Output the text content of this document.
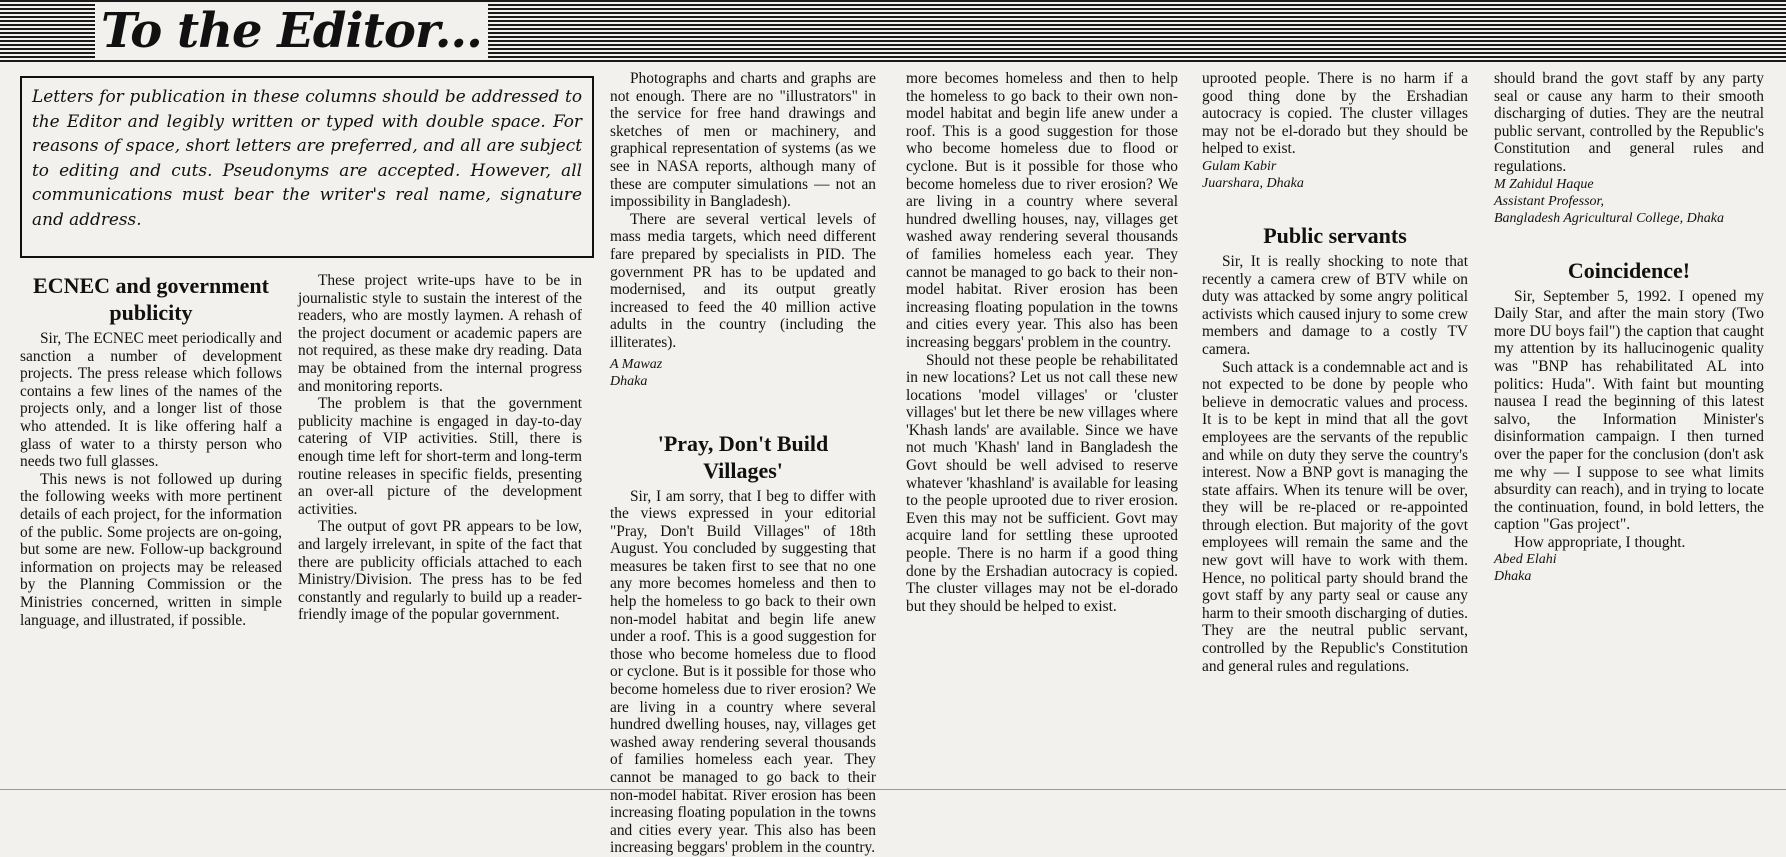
To the Editor...
Letters for publication in these columns should be addressed to the Editor and legibly written or typed with double space. For reasons of space, short letters are preferred, and all are subject to editing and cuts. Pseudonyms are accepted. However, all communications must bear the writer's real name, signature and address.
ECNEC and government publicity

Sir, The ECNEC meet periodically and sanction a number of development projects. The press release which follows contains a few lines of the names of the projects only, and a longer list of those who attended. It is like offering half a glass of water to a thirsty person who needs two full glasses.

This news is not followed up during the following weeks with more pertinent details of each project, for the information of the public. Some projects are on-going, but some are new. Follow-up background information on projects may be released by the Planning Commission or the Ministries concerned, written in simple language, and illustrated, if possible.

These project write-ups have to be in journalistic style to sustain the interest of the readers, who are mostly laymen. A rehash of the project document or academic papers are not required, as these make dry reading. Data may be obtained from the internal progress and monitoring reports.

The problem is that the government publicity machine is engaged in day-to-day catering of VIP activities. Still, there is enough time left for short-term and long-term routine releases in specific fields, presenting an over-all picture of the development activities.

The output of govt PR appears to be low, and largely irrelevant, in spite of the fact that there are publicity officials attached to each Ministry/Division. The press has to be fed constantly and regularly to build up a reader-friendly image of the popular government.

Photographs and charts and graphs are not enough. There are no "illustrators" in the service for free hand drawings and sketches of men or machinery, and graphical representation of systems (as we see in NASA reports, although many of these are computer simulations — not an impossibility in Bangladesh).

There are several vertical levels of mass media targets, which need different fare prepared by specialists in PID. The government PR has to be updated and modernised, and its output greatly increased to feed the 40 million active adults in the country (including the illiterates).

A Mawaz
Dhaka
'Pray, Don't Build Villages'

Sir, I am sorry, that I beg to differ with the views expressed in your editorial "Pray, Don't Build Villages" of 18th August. You concluded by suggesting that measures be taken first to see that no one any more becomes homeless and then to help the homeless to go back to their own non-model habitat and begin life anew under a roof. This is a good suggestion for those who become homeless due to flood or cyclone. But is it possible for those who become homeless due to river erosion? We are living in a country where several hundred dwelling houses, nay, villages get washed away rendering several thousands of families homeless each year. They cannot be managed to go back to their non-model habitat. River erosion has been increasing floating population in the towns and cities every year. This also has been increasing beggars' problem in the country.

more becomes homeless and then to help the homeless to go back to their own non-model habitat and begin life anew under a roof. This is a good suggestion for those who become homeless due to flood or cyclone. But is it possible for those who become homeless due to river erosion? We are living in a country where several hundred dwelling houses, nay, villages get washed away rendering several thousands of families homeless each year. They cannot be managed to go back to their non-model habitat. River erosion has been increasing floating population in the towns and cities every year. This also has been increasing beggars' problem in the country.

Should not these people be rehabilitated in new locations? Let us not call these new locations 'model villages' or 'cluster villages' but let there be new villages where 'Khash lands' are available. Since we have not much 'Khash' land in Bangladesh the Govt should be well advised to reserve whatever 'khashland' is available for leasing to the people uprooted due to river erosion. Even this may not be sufficient. Govt may acquire land for settling these uprooted people. There is no harm if a good thing done by the Ershadian autocracy is copied. The cluster villages may not be el-dorado but they should be helped to exist.

uprooted people. There is no harm if a good thing done by the Ershadian autocracy is copied. The cluster villages may not be el-dorado but they should be helped to exist.

Gulam Kabir
Juarshara, Dhaka
Public servants

Sir, It is really shocking to note that recently a camera crew of BTV while on duty was attacked by some angry political activists which caused injury to some crew members and damage to a costly TV camera.

Such attack is a condemnable act and is not expected to be done by people who believe in democratic values and process. It is to be kept in mind that all the govt employees are the servants of the republic and while on duty they serve the country's interest. Now a BNP govt is managing the state affairs. When its tenure will be over, they will be re-placed or re-appointed through election. But majority of the govt employees will remain the same and the new govt will have to work with them. Hence, no political party should brand the govt staff by any party seal or cause any harm to their smooth discharging of duties. They are the neutral public servant, controlled by the Republic's Constitution and general rules and regulations.

should brand the govt staff by any party seal or cause any harm to their smooth discharging of duties. They are the neutral public servant, controlled by the Republic's Constitution and general rules and regulations.

M Zahidul Haque
Assistant Professor,
Bangladesh Agricultural College, Dhaka
Coincidence!

Sir, September 5, 1992. I opened my Daily Star, and after the main story (Two more DU boys fail") the caption that caught my attention by its hallucinogenic quality was "BNP has rehabilitated AL into politics: Huda". With faint but mounting nausea I read the beginning of this latest salvo, the Information Minister's disinformation campaign. I then turned over the paper for the conclusion (don't ask me why — I suppose to see what limits absurdity can reach), and in trying to locate the continuation, found, in bold letters, the caption "Gas project".

How appropriate, I thought.

Abed Elahi
Dhaka
